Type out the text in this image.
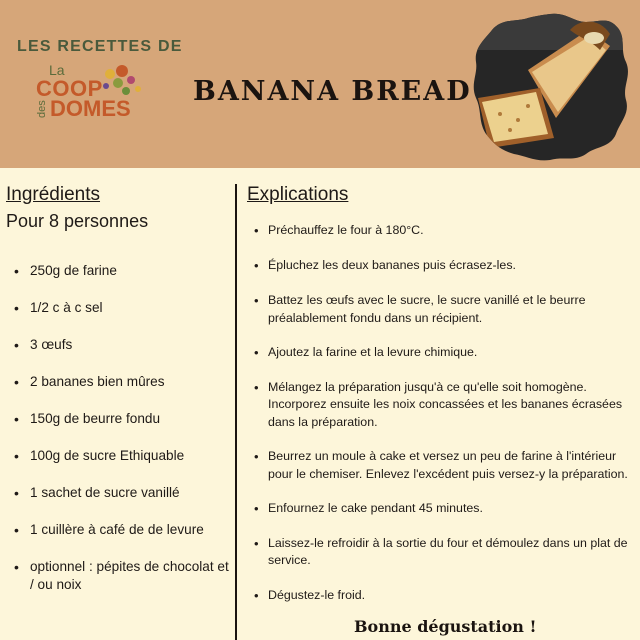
LES RECETTES DE
La
COOP
des DOMES
BANANA BREAD
Ingrédients
Pour 8 personnes
• 250g de farine
• 1/2 c à c sel
• 3 œufs
• 2 bananes bien mûres
• 150g de beurre fondu
• 100g de sucre Ethiquable
• 1 sachet de sucre vanillé
• 1 cuillère à café de de levure
• optionnel : pépites de chocolat et / ou noix
Explications
• Préchauffez le four à 180°C.
• Épluchez les deux bananes puis écrasez-les.
• Battez les œufs avec le sucre, le sucre vanillé et le beurre préalablement fondu dans un récipient.
• Ajoutez la farine et la levure chimique.
• Mélangez la préparation jusqu'à ce qu'elle soit homogène. Incorporez ensuite les noix concassées et les bananes écrasées dans la préparation.
• Beurrez un moule à cake et versez un peu de farine à l'intérieur pour le chemiser. Enlevez l'excédent puis versez-y la préparation.
• Enfournez le cake pendant 45 minutes.
• Laissez-le refroidir à la sortie du four et démoulez dans un plat de service.
• Dégustez-le froid.
Bonne dégustation !
